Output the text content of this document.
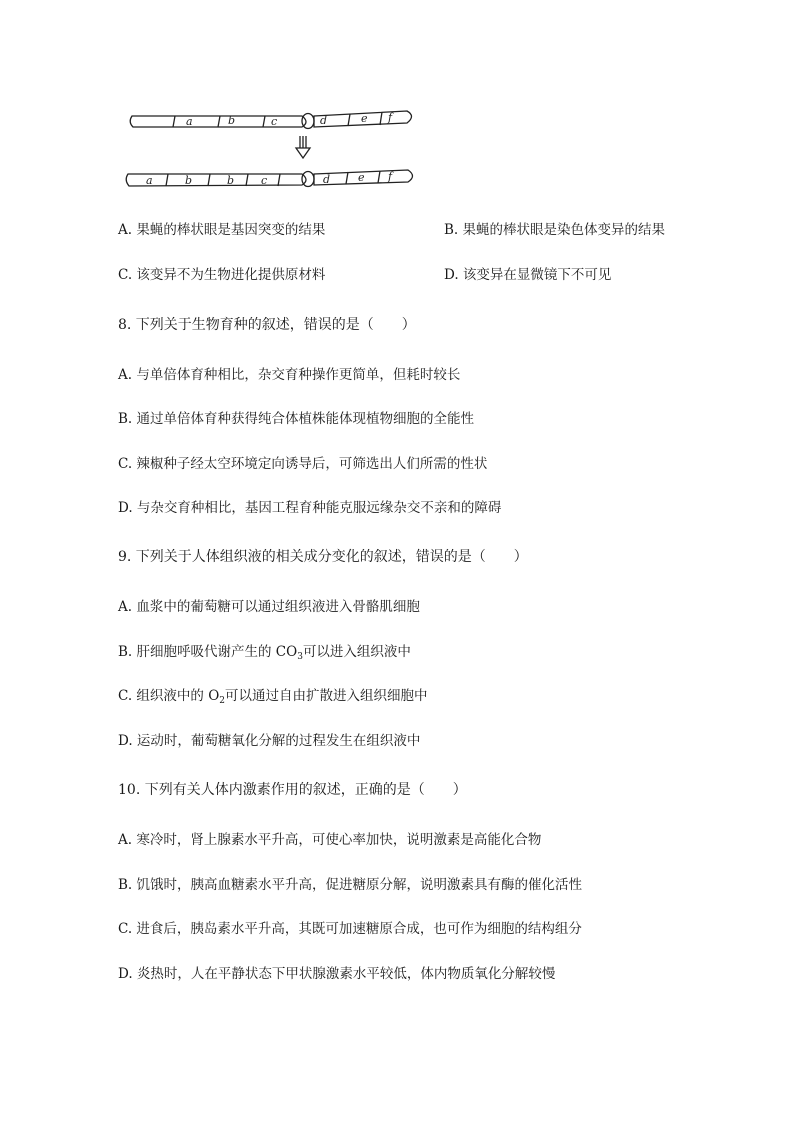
a	b	c	d	e f
a	b	b c	d	e f
A. 果蝇的棒状眼是基因突变的结果	B. 果蝇的棒状眼是染色体变异的结果
C. 该变异不为生物进化提供原材料	D. 该变异在显微镜下不可见
8. 下列关于生物育种的叙述，错误的是（　　）
A. 与单倍体育种相比，杂交育种操作更简单，但耗时较长
B. 通过单倍体育种获得纯合体植株能体现植物细胞的全能性
C. 辣椒种子经太空环境定向诱导后，可筛选出人们所需的性状
D. 与杂交育种相比，基因工程育种能克服远缘杂交不亲和的障碍
9. 下列关于人体组织液的相关成分变化的叙述，错误的是（　　）
A. 血浆中的葡萄糖可以通过组织液进入骨骼肌细胞
B. 肝细胞呼吸代谢产生的 $CO_3$可以进入组织液中
C. 组织液中的 $O_2$可以通过自由扩散进入组织细胞中
D. 运动时，葡萄糖氧化分解的过程发生在组织液中
10. 下列有关人体内激素作用的叙述，正确的是（　　）
A. 寒冷时，肾上腺素水平升高，可使心率加快，说明激素是高能化合物
B. 饥饿时，胰高血糖素水平升高，促进糖原分解，说明激素具有酶的催化活性
C. 进食后，胰岛素水平升高，其既可加速糖原合成，也可作为细胞的结构组分
D. 炎热时，人在平静状态下甲状腺激素水平较低，体内物质氧化分解较慢
